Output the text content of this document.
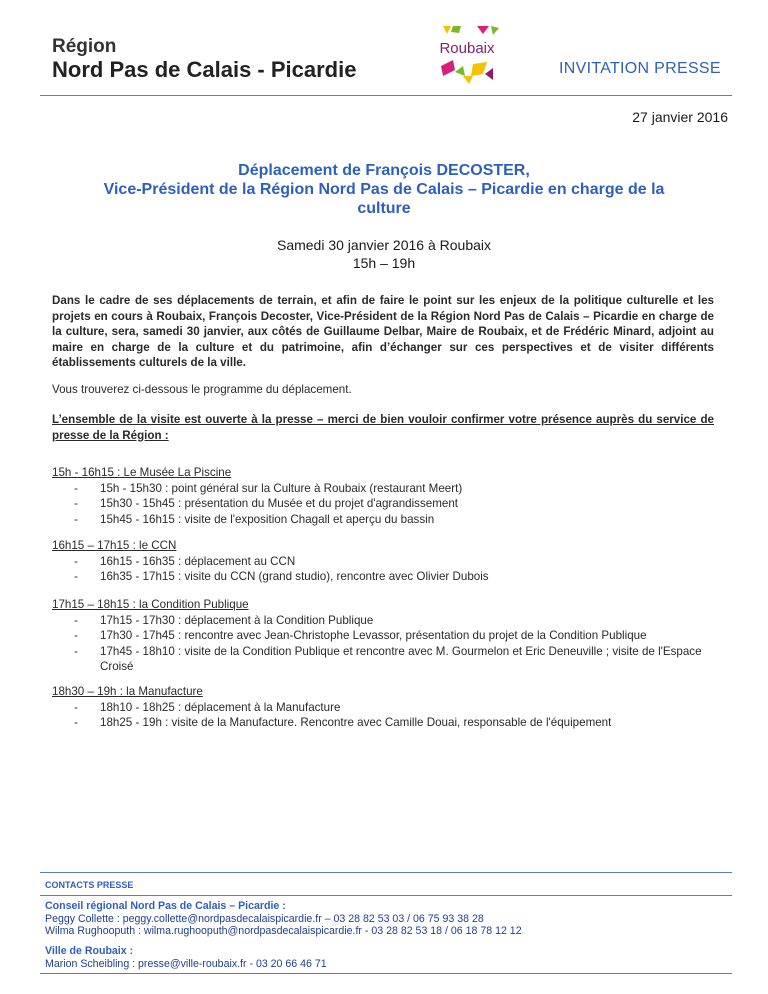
Région
Nord Pas de Calais - Picardie
Roubaix
INVITATION PRESSE
27 janvier 2016
Déplacement de François DECOSTER,
Vice-Président de la Région Nord Pas de Calais – Picardie en charge de la
culture
Samedi 30 janvier 2016 à Roubaix
15h – 19h
Dans le cadre de ses déplacements de terrain, et afin de faire le point sur les enjeux de la politique culturelle et les projets en cours à Roubaix, François Decoster, Vice-Président de la Région Nord Pas de Calais – Picardie en charge de la culture, sera, samedi 30 janvier, aux côtés de Guillaume Delbar, Maire de Roubaix, et de Frédéric Minard, adjoint au maire en charge de la culture et du patrimoine, afin d’échanger sur ces perspectives et de visiter différents établissements culturels de la ville.
Vous trouverez ci-dessous le programme du déplacement.
L’ensemble de la visite est ouverte à la presse – merci de bien vouloir confirmer votre présence auprès du service de presse de la Région :
15h - 16h15 : Le Musée La Piscine
-	15h - 15h30 : point général sur la Culture à Roubaix (restaurant Meert)
-	15h30 - 15h45 : présentation du Musée et du projet d'agrandissement
-	15h45 - 16h15 : visite de l'exposition Chagall et aperçu du bassin
16h15 – 17h15 : le CCN
-	16h15 - 16h35 : déplacement au CCN
-	16h35 - 17h15 : visite du CCN (grand studio), rencontre avec Olivier Dubois
17h15 – 18h15 : la Condition Publique
-	17h15 - 17h30 : déplacement à la Condition Publique
-	17h30 - 17h45 : rencontre avec Jean-Christophe Levassor, présentation du projet de la Condition Publique
-	17h45 - 18h10 : visite de la Condition Publique et rencontre avec M. Gourmelon et Eric Deneuville ; visite de l'Espace Croisé
18h30 – 19h : la Manufacture
-	18h10 - 18h25 : déplacement à la Manufacture
-	18h25 - 19h : visite de la Manufacture. Rencontre avec Camille Douai, responsable de l'équipement
CONTACTS PRESSE
Conseil régional Nord Pas de Calais – Picardie :
Peggy Collette : peggy.collette@nordpasdecalaispicardie.fr – 03 28 82 53 03 / 06 75 93 38 28
Wilma Rughooputh : wilma.rughooputh@nordpasdecalaispicardie.fr - 03 28 82 53 18 / 06 18 78 12 12
Ville de Roubaix :
Marion Scheibling : presse@ville-roubaix.fr - 03 20 66 46 71
